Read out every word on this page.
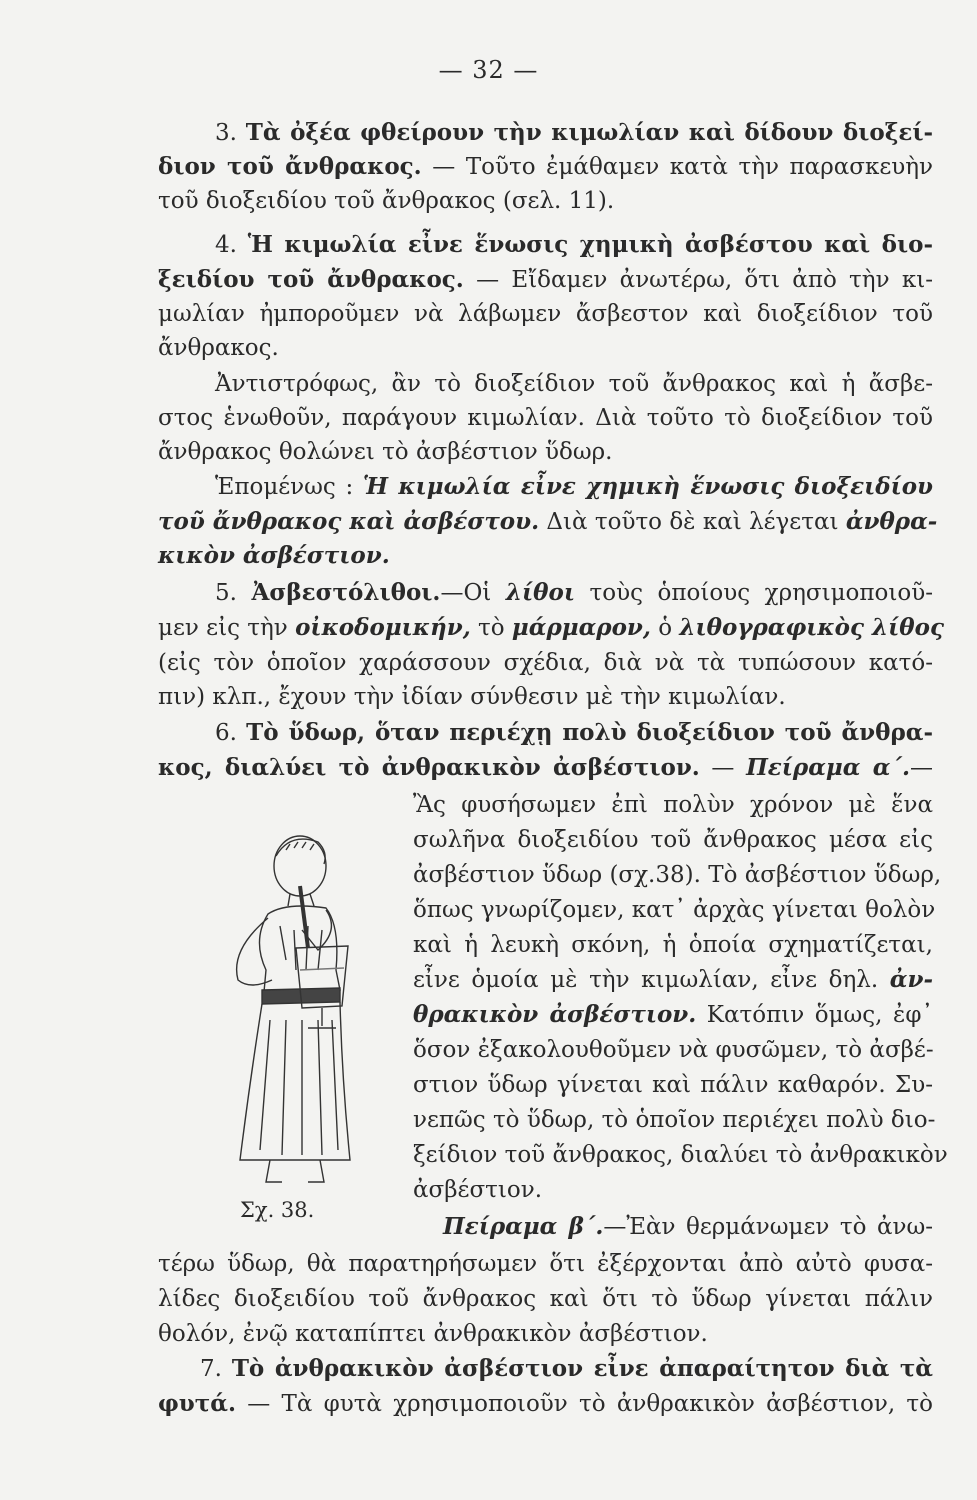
— 32 —
3. Τὰ ὀξέα φθείρουν τὴν κιμωλίαν καὶ δίδουν διοξεί-
διον τοῦ ἄνθρακος. — Τοῦτο ἐμάθαμεν κατὰ τὴν παρασκευὴν
τοῦ διοξειδίου τοῦ ἄνθρακος (σελ. 11).
4. Ἡ κιμωλία εἶνε ἕνωσις χημικὴ ἀσβέστου καὶ διο-
ξειδίου τοῦ ἄνθρακος. — Εἴδαμεν ἀνωτέρω, ὅτι ἀπὸ τὴν κι-
μωλίαν ἠμποροῦμεν νὰ λάβωμεν ἄσβεστον καὶ διοξείδιον τοῦ
ἄνθρακος.
Ἀντιστρόφως, ἂν τὸ διοξείδιον τοῦ ἄνθρακος καὶ ἡ ἄσβε-
στος ἑνωθοῦν, παράγουν κιμωλίαν. Διὰ τοῦτο τὸ διοξείδιον τοῦ
ἄνθρακος θολώνει τὸ ἀσβέστιον ὕδωρ.
Ἑπομένως : Ἡ κιμωλία εἶνε χημικὴ ἕνωσις διοξειδίου
τοῦ ἄνθρακος καὶ ἀσβέστου. Διὰ τοῦτο δὲ καὶ λέγεται ἀνθρα-
κικὸν ἀσβέστιον.
5. Ἀσβεστόλιθοι.—Οἱ λίθοι τοὺς ὁποίους χρησιμοποιοῦ-
μεν εἰς τὴν οἰκοδομικήν, τὸ μάρμαρον, ὁ λιθογραφικὸς λίθος
(εἰς τὸν ὁποῖον χαράσσουν σχέδια, διὰ νὰ τὰ τυπώσουν κατό-
πιν) κλπ., ἔχουν τὴν ἰδίαν σύνθεσιν μὲ τὴν κιμωλίαν.
6. Τὸ ὕδωρ, ὅταν περιέχῃ πολὺ διοξείδιον τοῦ ἄνθρα-
κος, διαλύει τὸ ἀνθρακικὸν ἀσβέστιον. — Πείραμα α΄.—
Ἂς φυσήσωμεν ἐπὶ πολὺν χρόνον μὲ ἕνα
σωλῆνα διοξειδίου τοῦ ἄνθρακος μέσα εἰς
ἀσβέστιον ὕδωρ (σχ.38). Τὸ ἀσβέστιον ὕδωρ,
ὅπως γνωρίζομεν, κατ᾿ ἀρχὰς γίνεται θολὸν
καὶ ἡ λευκὴ σκόνη, ἡ ὁποία σχηματίζεται,
εἶνε ὁμοία μὲ τὴν κιμωλίαν, εἶνε δηλ. ἀν-
θρακικὸν ἀσβέστιον. Κατόπιν ὅμως, ἐφ᾿
ὅσον ἐξακολουθοῦμεν νὰ φυσῶμεν, τὸ ἀσβέ-
στιον ὕδωρ γίνεται καὶ πάλιν καθαρόν. Συ-
νεπῶς τὸ ὕδωρ, τὸ ὁποῖον περιέχει πολὺ διο-
ξείδιον τοῦ ἄνθρακος, διαλύει τὸ ἀνθρακικὸν
ἀσβέστιον.
Πείραμα β΄.—Ἐὰν θερμάνωμεν τὸ ἀνω-
τέρω ὕδωρ, θὰ παρατηρήσωμεν ὅτι ἐξέρχονται ἀπὸ αὐτὸ φυσα-
λίδες διοξειδίου τοῦ ἄνθρακος καὶ ὅτι τὸ ὕδωρ γίνεται πάλιν
θολόν, ἐνῷ καταπίπτει ἀνθρακικὸν ἀσβέστιον.
7. Τὸ ἀνθρακικὸν ἀσβέστιον εἶνε ἀπαραίτητον διὰ τὰ
φυτά. — Τὰ φυτὰ χρησιμοποιοῦν τὸ ἀνθρακικὸν ἀσβέστιον, τὸ
Σχ. 38.
